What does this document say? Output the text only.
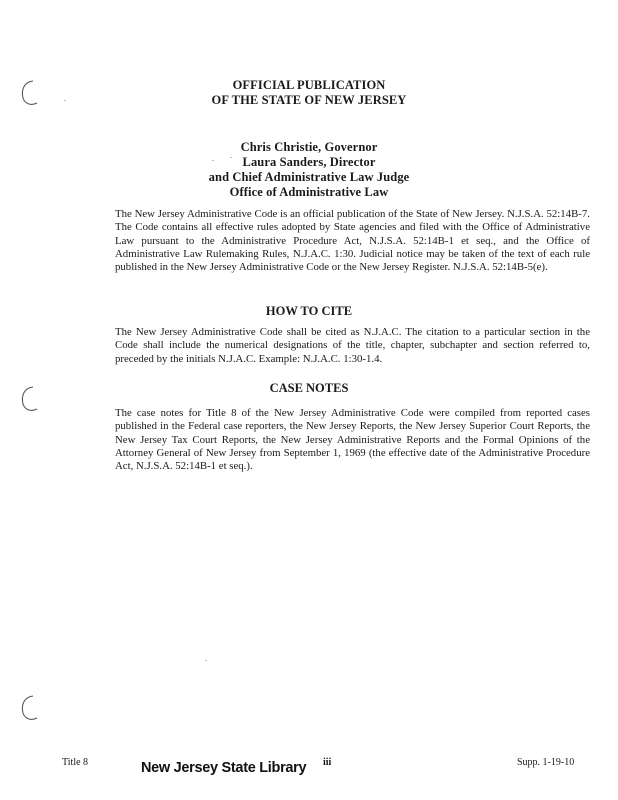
OFFICIAL PUBLICATION
OF THE STATE OF NEW JERSEY
Chris Christie, Governor
Laura Sanders, Director
and Chief Administrative Law Judge
Office of Administrative Law

The New Jersey Administrative Code is an official publication of the State of New Jersey. N.J.S.A. 52:14B-7. The Code contains all effective rules adopted by State agencies and filed with the Office of Administrative Law pursuant to the Administrative Procedure Act, N.J.S.A. 52:14B-1 et seq., and the Office of Administrative Law Rulemaking Rules, N.J.A.C. 1:30. Judicial notice may be taken of the text of each rule published in the New Jersey Administrative Code or the New Jersey Register. N.J.S.A. 52:14B-5(e).

HOW TO CITE

The New Jersey Administrative Code shall be cited as N.J.A.C. The citation to a particular section in the Code shall include the numerical designations of the title, chapter, subchapter and section referred to, preceded by the initials N.J.A.C. Example: N.J.A.C. 1:30-1.4.

CASE NOTES

The case notes for Title 8 of the New Jersey Administrative Code were compiled from reported cases published in the Federal case reporters, the New Jersey Reports, the New Jersey Superior Court Reports, the New Jersey Tax Court Reports, the New Jersey Administrative Reports and the Formal Opinions of the Attorney General of New Jersey from September 1, 1969 (the effective date of the Administrative Procedure Act, N.J.S.A. 52:14B-1 et seq.).

Title 8	iii	Supp. 1-19-10
New Jersey State Library
